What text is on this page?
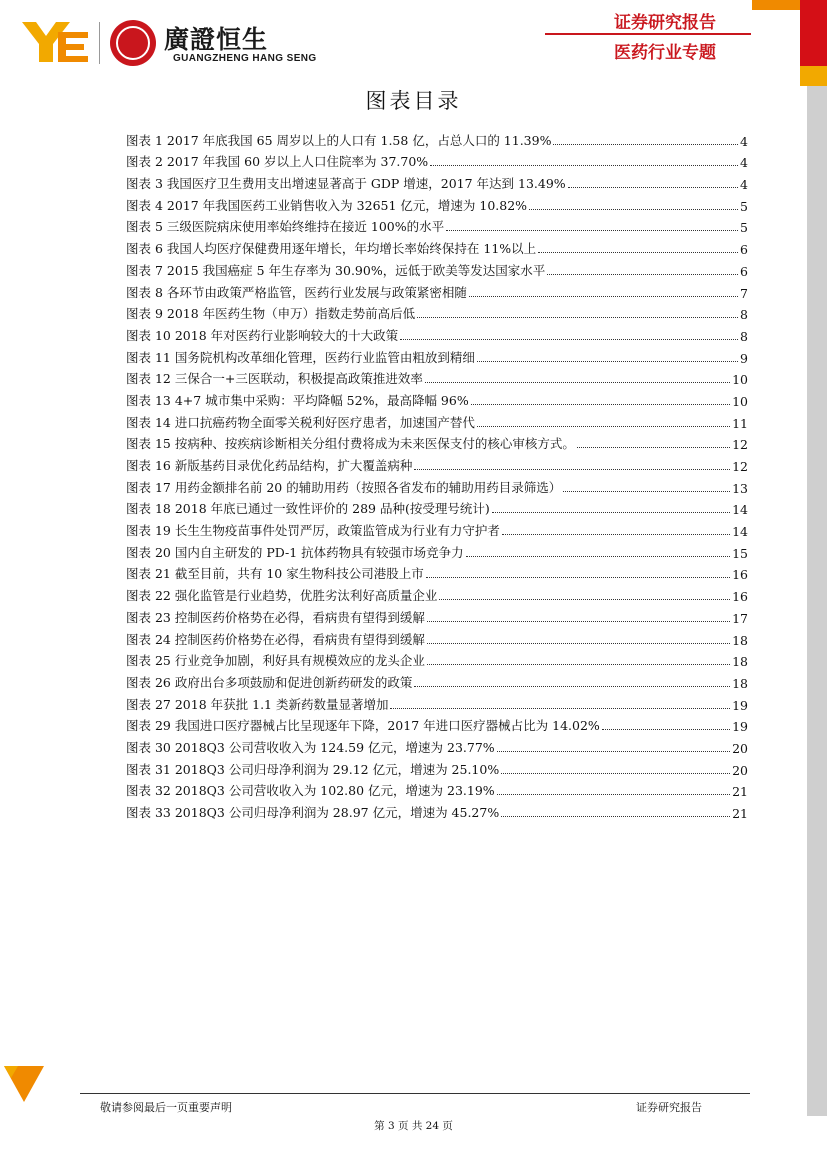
廣證恒生
GUANGZHENG HANG SENG
证券研究报告
医药行业专题
图表目录
图表 1 2017 年底我国 65 周岁以上的人口有 1.58 亿，占总人口的 11.39%	4
图表 2 2017 年我国 60 岁以上人口住院率为 37.70%	4
图表 3 我国医疗卫生费用支出增速显著高于 GDP 增速，2017 年达到 13.49%	4
图表 4 2017 年我国医药工业销售收入为 32651 亿元，增速为 10.82%	5
图表 5 三级医院病床使用率始终维持在接近 100%的水平	5
图表 6 我国人均医疗保健费用逐年增长，年均增长率始终保持在 11%以上	6
图表 7 2015 我国癌症 5 年生存率为 30.90%，远低于欧美等发达国家水平	6
图表 8 各环节由政策严格监管，医药行业发展与政策紧密相随	7
图表 9 2018 年医药生物（申万）指数走势前高后低	8
图表 10 2018 年对医药行业影响较大的十大政策	8
图表 11 国务院机构改革细化管理，医药行业监管由粗放到精细	9
图表 12 三保合一+三医联动，积极提高政策推进效率	10
图表 13 4+7 城市集中采购：平均降幅 52%，最高降幅 96%	10
图表 14 进口抗癌药物全面零关税利好医疗患者，加速国产替代	11
图表 15 按病种、按疾病诊断相关分组付费将成为未来医保支付的核心审核方式。	12
图表 16 新版基药目录优化药品结构，扩大覆盖病种	12
图表 17 用药金额排名前 20 的辅助用药（按照各省发布的辅助用药目录筛选）	13
图表 18 2018 年底已通过一致性评价的 289 品种(按受理号统计)	14
图表 19 长生生物疫苗事件处罚严厉，政策监管成为行业有力守护者	14
图表 20 国内自主研发的 PD-1 抗体药物具有较强市场竞争力	15
图表 21 截至目前，共有 10 家生物科技公司港股上市	16
图表 22 强化监管是行业趋势，优胜劣汰利好高质量企业	16
图表 23 控制医药价格势在必得，看病贵有望得到缓解	17
图表 24 控制医药价格势在必得，看病贵有望得到缓解	18
图表 25 行业竞争加剧，利好具有规模效应的龙头企业	18
图表 26 政府出台多项鼓励和促进创新药研发的政策	18
图表 27 2018 年获批 1.1 类新药数量显著增加	19
图表 29 我国进口医疗器械占比呈现逐年下降，2017 年进口医疗器械占比为 14.02%	19
图表 30 2018Q3 公司营收收入为 124.59 亿元，增速为 23.77%	20
图表 31 2018Q3 公司归母净利润为 29.12 亿元，增速为 25.10%	20
图表 32 2018Q3 公司营收收入为 102.80 亿元，增速为 23.19%	21
图表 33 2018Q3 公司归母净利润为 28.97 亿元，增速为 45.27%	21
敬请参阅最后一页重要声明	证券研究报告
第 3 页 共 24 页
